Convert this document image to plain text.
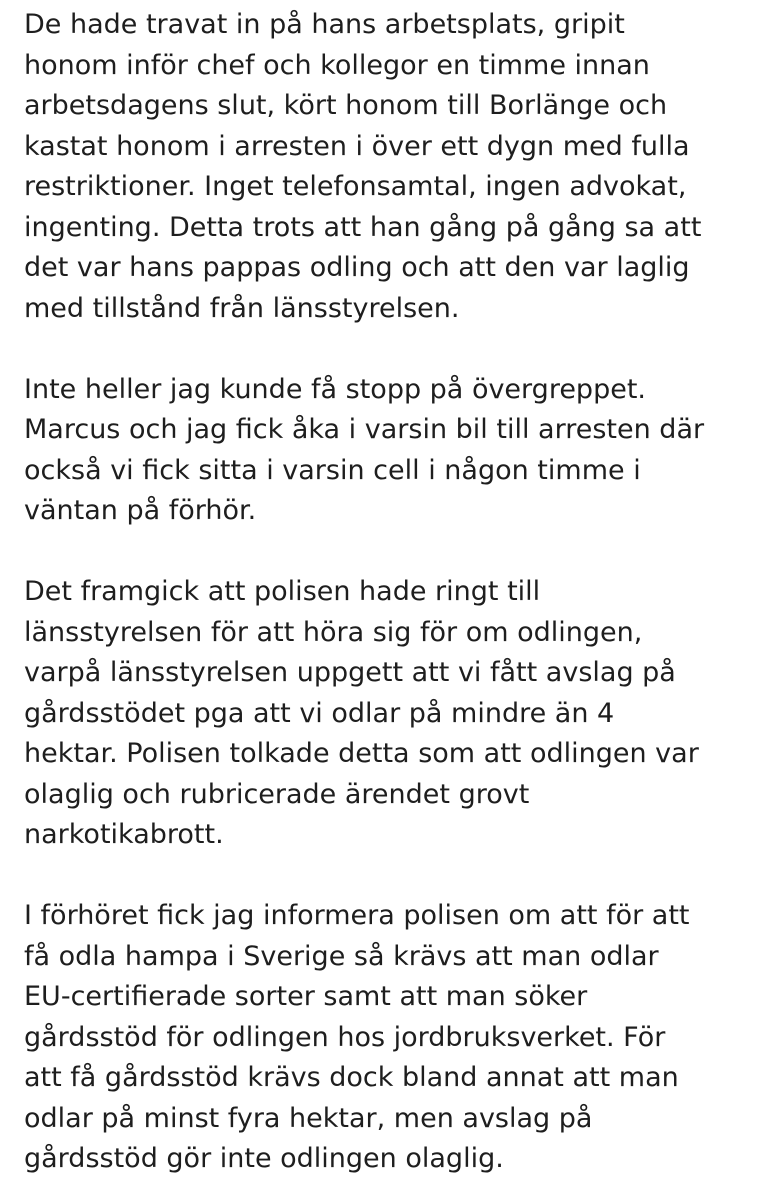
De hade travat in på hans arbetsplats, gripit
honom inför chef och kollegor en timme innan
arbetsdagens slut, kört honom till Borlänge och
kastat honom i arresten i över ett dygn med fulla
restriktioner. Inget telefonsamtal, ingen advokat,
ingenting. Detta trots att han gång på gång sa att
det var hans pappas odling och att den var laglig
med tillstånd från länsstyrelsen.

Inte heller jag kunde få stopp på övergreppet.
Marcus och jag fick åka i varsin bil till arresten där
också vi fick sitta i varsin cell i någon timme i
väntan på förhör.

Det framgick att polisen hade ringt till
länsstyrelsen för att höra sig för om odlingen,
varpå länsstyrelsen uppgett att vi fått avslag på
gårdsstödet pga att vi odlar på mindre än 4
hektar. Polisen tolkade detta som att odlingen var
olaglig och rubricerade ärendet grovt
narkotikabrott.

I förhöret fick jag informera polisen om att för att
få odla hampa i Sverige så krävs att man odlar
EU-certifierade sorter samt att man söker
gårdsstöd för odlingen hos jordbruksverket. För
att få gårdsstöd krävs dock bland annat att man
odlar på minst fyra hektar, men avslag på
gårdsstöd gör inte odlingen olaglig.
